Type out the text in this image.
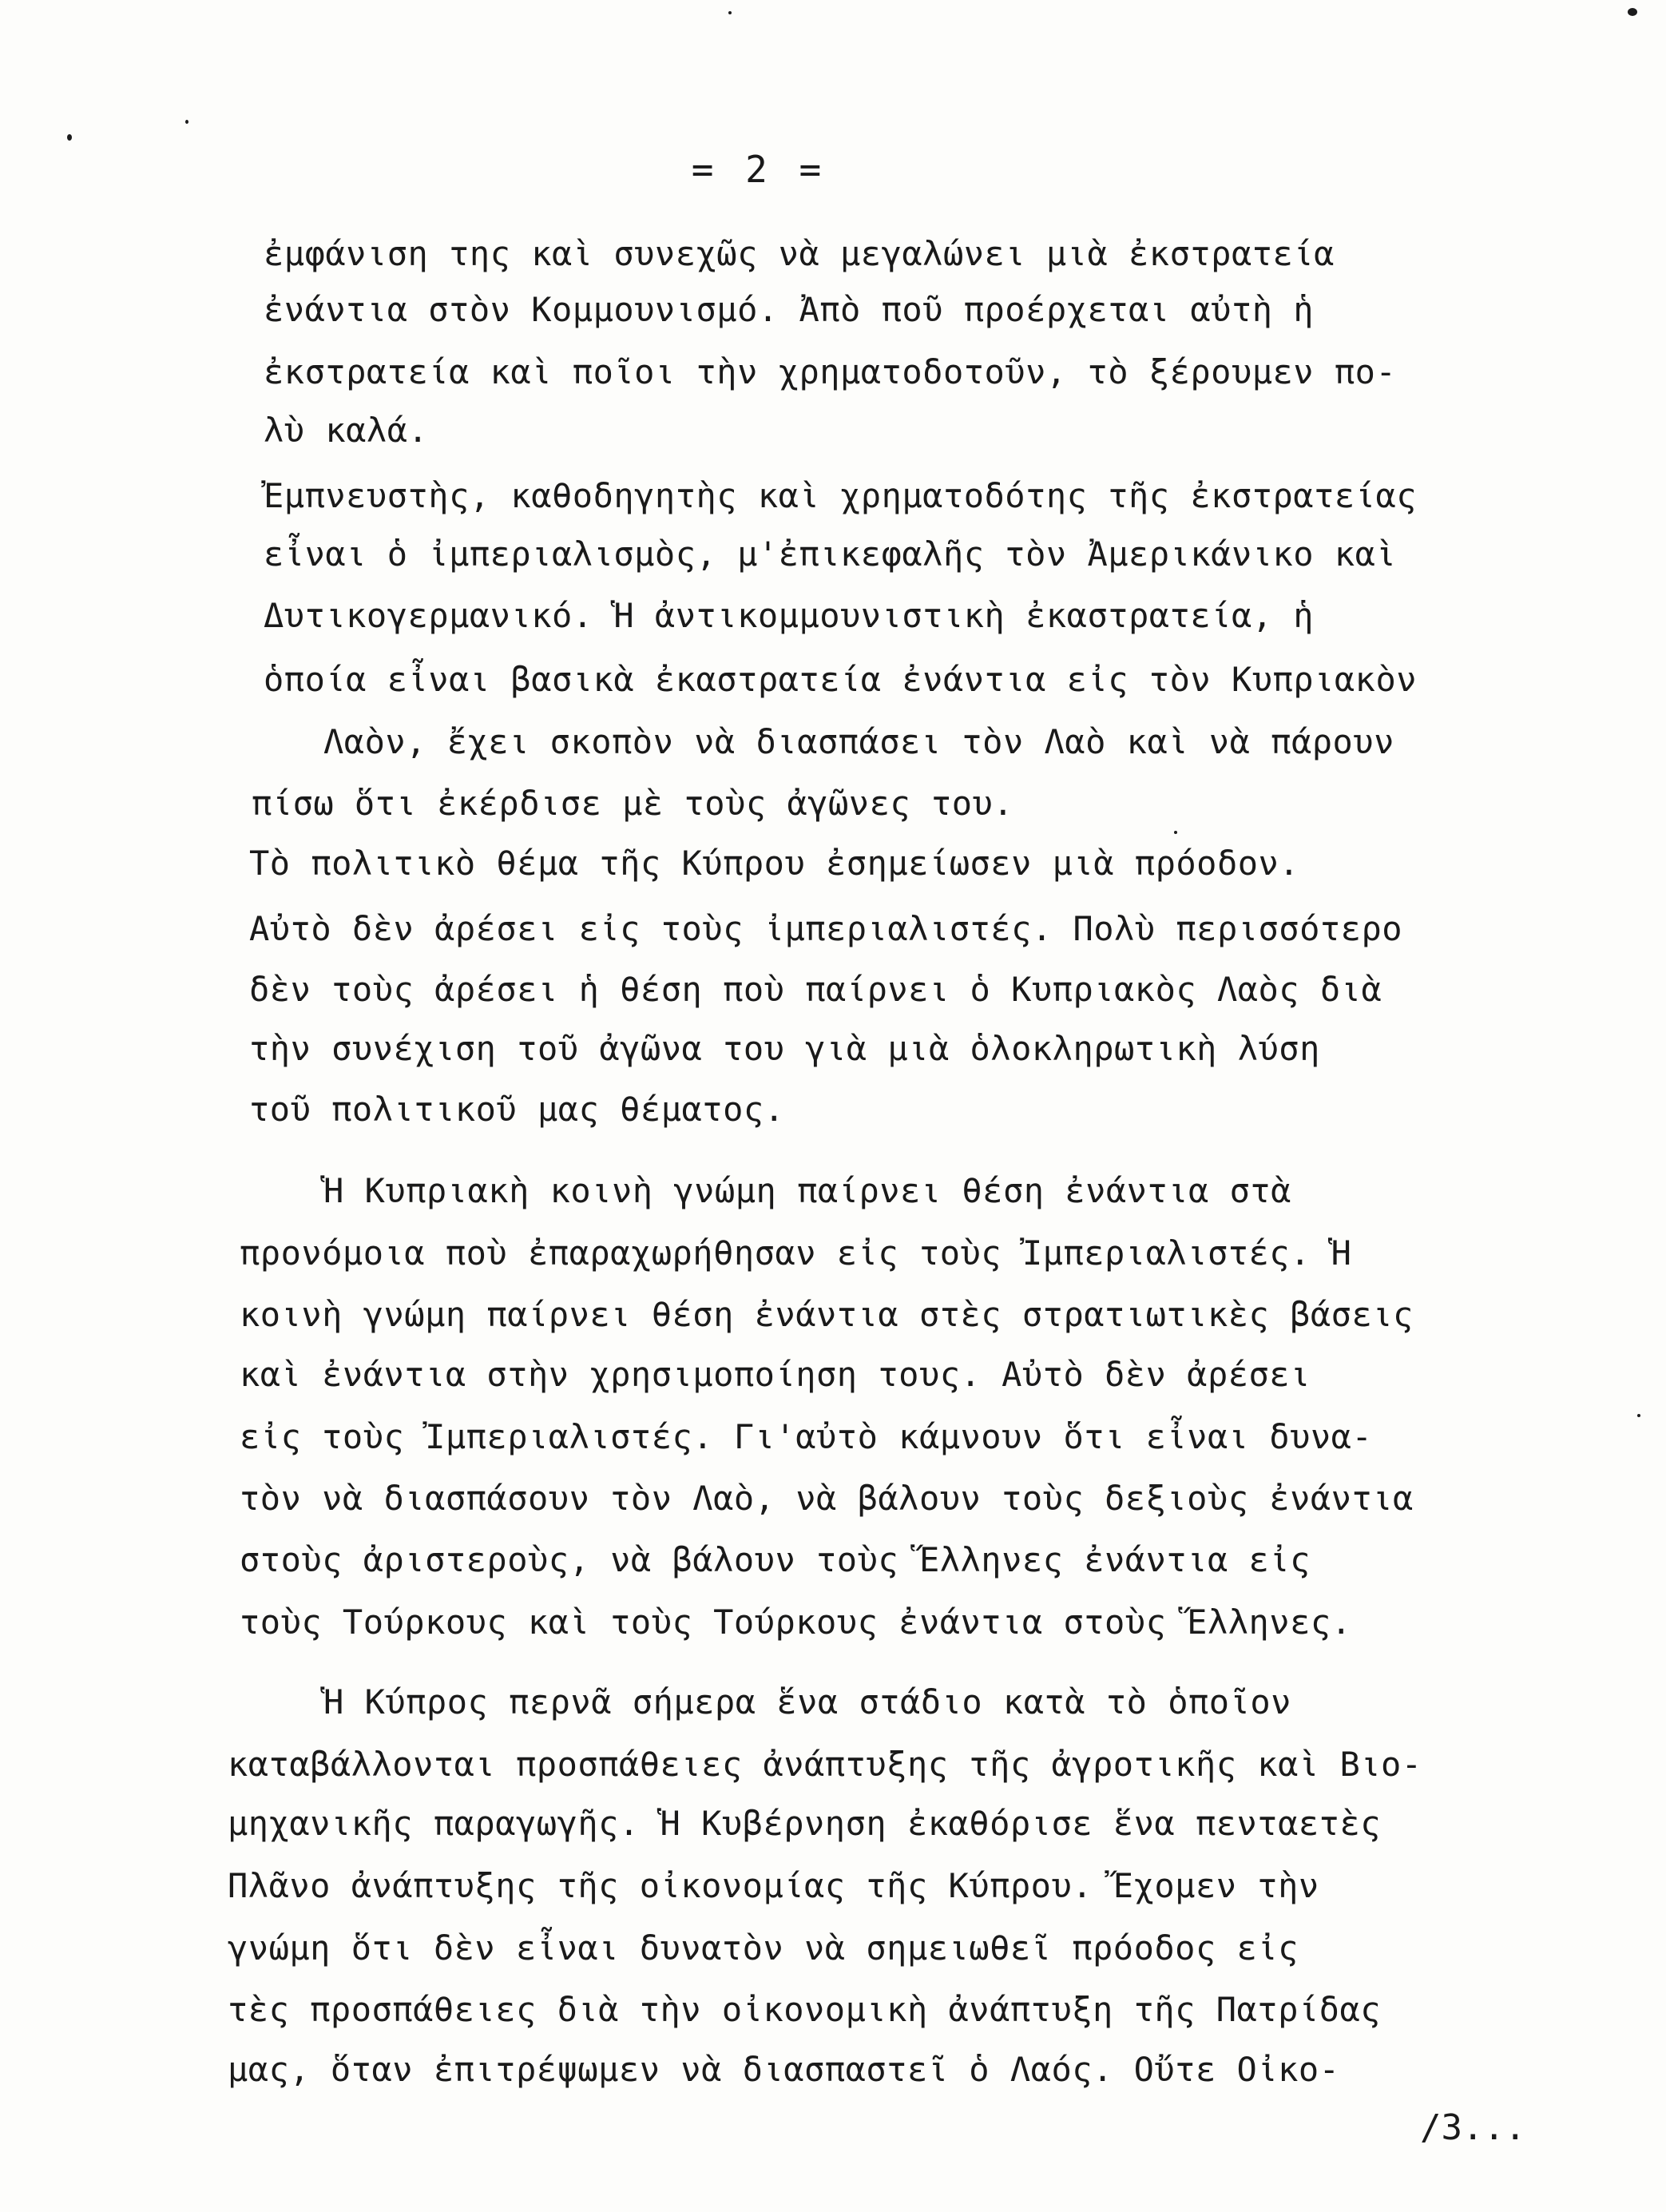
= 2 =
ἐμφάνιση της καὶ συνεχῶς νὰ μεγαλώνει μιὰ ἐκστρατεία
ἐνάντια στὸν Κομμουνισμό. Ἀπὸ ποῦ προέρχεται αὐτὴ ἡ
ἐκστρατεία καὶ ποῖοι τὴν χρηματοδοτοῦν, τὸ ξέρουμεν πο-
λὺ καλά.
Ἐμπνευστὴς, καθοδηγητὴς καὶ χρηματοδότης τῆς ἐκστρατείας
εἶναι ὁ ἰμπεριαλισμὸς, μ'ἐπικεφαλῆς τὸν Ἀμερικάνικο καὶ
Δυτικογερμανικό. Ἡ ἀντικομμουνιστικὴ ἐκαστρατεία, ἡ
ὁποία εἶναι βασικὰ ἐκαστρατεία ἐνάντια εἰς τὸν Κυπριακὸν
Λαὸν, ἔχει σκοπὸν νὰ διασπάσει τὸν Λαὸ καὶ νὰ πάρουν
πίσω ὅτι ἐκέρδισε μὲ τοὺς ἀγῶνες του.
Τὸ πολιτικὸ θέμα τῆς Κύπρου ἐσημείωσεν μιὰ πρόοδον.
Αὐτὸ δὲν ἀρέσει εἰς τοὺς ἰμπεριαλιστές. Πολὺ περισσότερο
δὲν τοὺς ἀρέσει ἡ θέση ποὺ παίρνει ὁ Κυπριακὸς Λαὸς διὰ
τὴν συνέχιση τοῦ ἀγῶνα του γιὰ μιὰ ὁλοκληρωτικὴ λύση
τοῦ πολιτικοῦ μας θέματος.
Ἡ Κυπριακὴ κοινὴ γνώμη παίρνει θέση ἐνάντια στὰ
προνόμοια ποὺ ἐπαραχωρήθησαν εἰς τοὺς Ἰμπεριαλιστές. Ἡ
κοινὴ γνώμη παίρνει θέση ἐνάντια στὲς στρατιωτικὲς βάσεις
καὶ ἐνάντια στὴν χρησιμοποίηση τους. Αὐτὸ δὲν ἀρέσει
εἰς τοὺς Ἰμπεριαλιστές. Γι'αὐτὸ κάμνουν ὅτι εἶναι δυνα-
τὸν νὰ διασπάσουν τὸν Λαὸ, νὰ βάλουν τοὺς δεξιοὺς ἐνάντια
στοὺς ἀριστεροὺς, νὰ βάλουν τοὺς Ἕλληνες ἐνάντια εἰς
τοὺς Τούρκους καὶ τοὺς Τούρκους ἐνάντια στοὺς Ἕλληνες.
Ἡ Κύπρος περνᾶ σήμερα ἕνα στάδιο κατὰ τὸ ὁποῖον
καταβάλλονται προσπάθειες ἀνάπτυξης τῆς ἀγροτικῆς καὶ Βιο-
μηχανικῆς παραγωγῆς. Ἡ Κυβέρνηση ἐκαθόρισε ἕνα πενταετὲς
Πλᾶνο ἀνάπτυξης τῆς οἰκονομίας τῆς Κύπρου. Ἔχομεν τὴν
γνώμη ὅτι δὲν εἶναι δυνατὸν νὰ σημειωθεῖ πρόοδος εἰς
τὲς προσπάθειες διὰ τὴν οἰκονομικὴ ἀνάπτυξη τῆς Πατρίδας
μας, ὅταν ἐπιτρέψωμεν νὰ διασπαστεῖ ὁ Λαός. Οὔτε Οἰκο-
/3...
